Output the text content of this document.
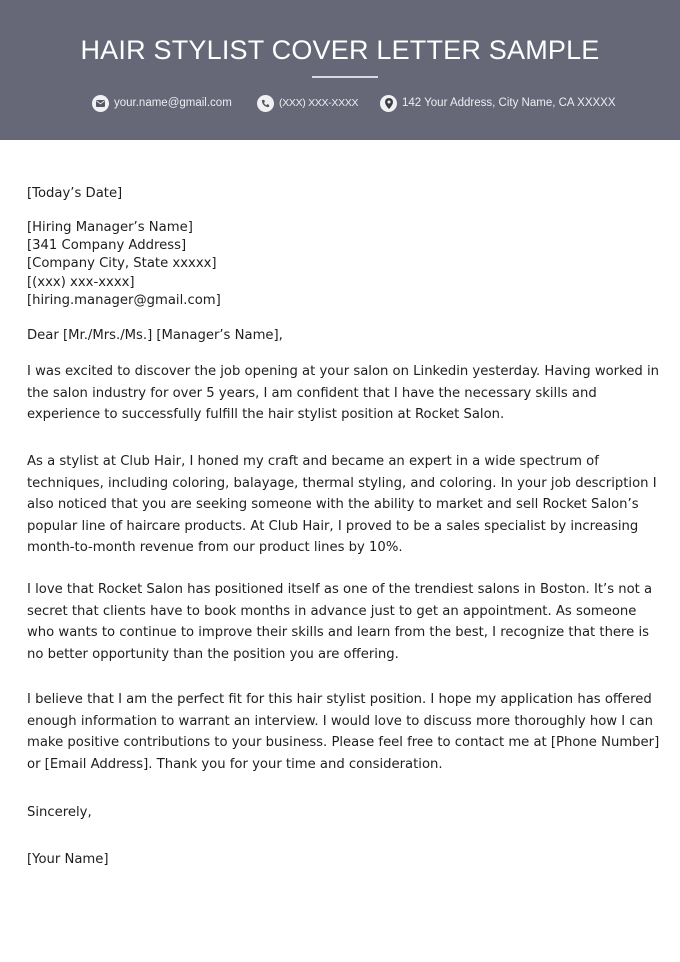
HAIR STYLIST COVER LETTER SAMPLE
your.name@gmail.com	(XXX) XXX-XXXX	142 Your Address, City Name, CA XXXXX

[Today’s Date]

[Hiring Manager’s Name]

[341 Company Address]

[Company City, State xxxxx]

[(xxx) xxx-xxxx]

[hiring.manager@gmail.com]

Dear [Mr./Mrs./Ms.] [Manager’s Name],

I was excited to discover the job opening at your salon on Linkedin yesterday. Having worked in the salon industry for over 5 years, I am confident that I have the necessary skills and experience to successfully fulfill the hair stylist position at Rocket Salon.

As a stylist at Club Hair, I honed my craft and became an expert in a wide spectrum of techniques, including coloring, balayage, thermal styling, and coloring. In your job description I also noticed that you are seeking someone with the ability to market and sell Rocket Salon’s popular line of haircare products. At Club Hair, I proved to be a sales specialist by increasing month-to-month revenue from our product lines by 10%.

I love that Rocket Salon has positioned itself as one of the trendiest salons in Boston. It’s not a secret that clients have to book months in advance just to get an appointment. As someone who wants to continue to improve their skills and learn from the best, I recognize that there is no better opportunity than the position you are offering.

I believe that I am the perfect fit for this hair stylist position. I hope my application has offered enough information to warrant an interview. I would love to discuss more thoroughly how I can make positive contributions to your business. Please feel free to contact me at [Phone Number] or [Email Address]. Thank you for your time and consideration.

Sincerely,

[Your Name]
